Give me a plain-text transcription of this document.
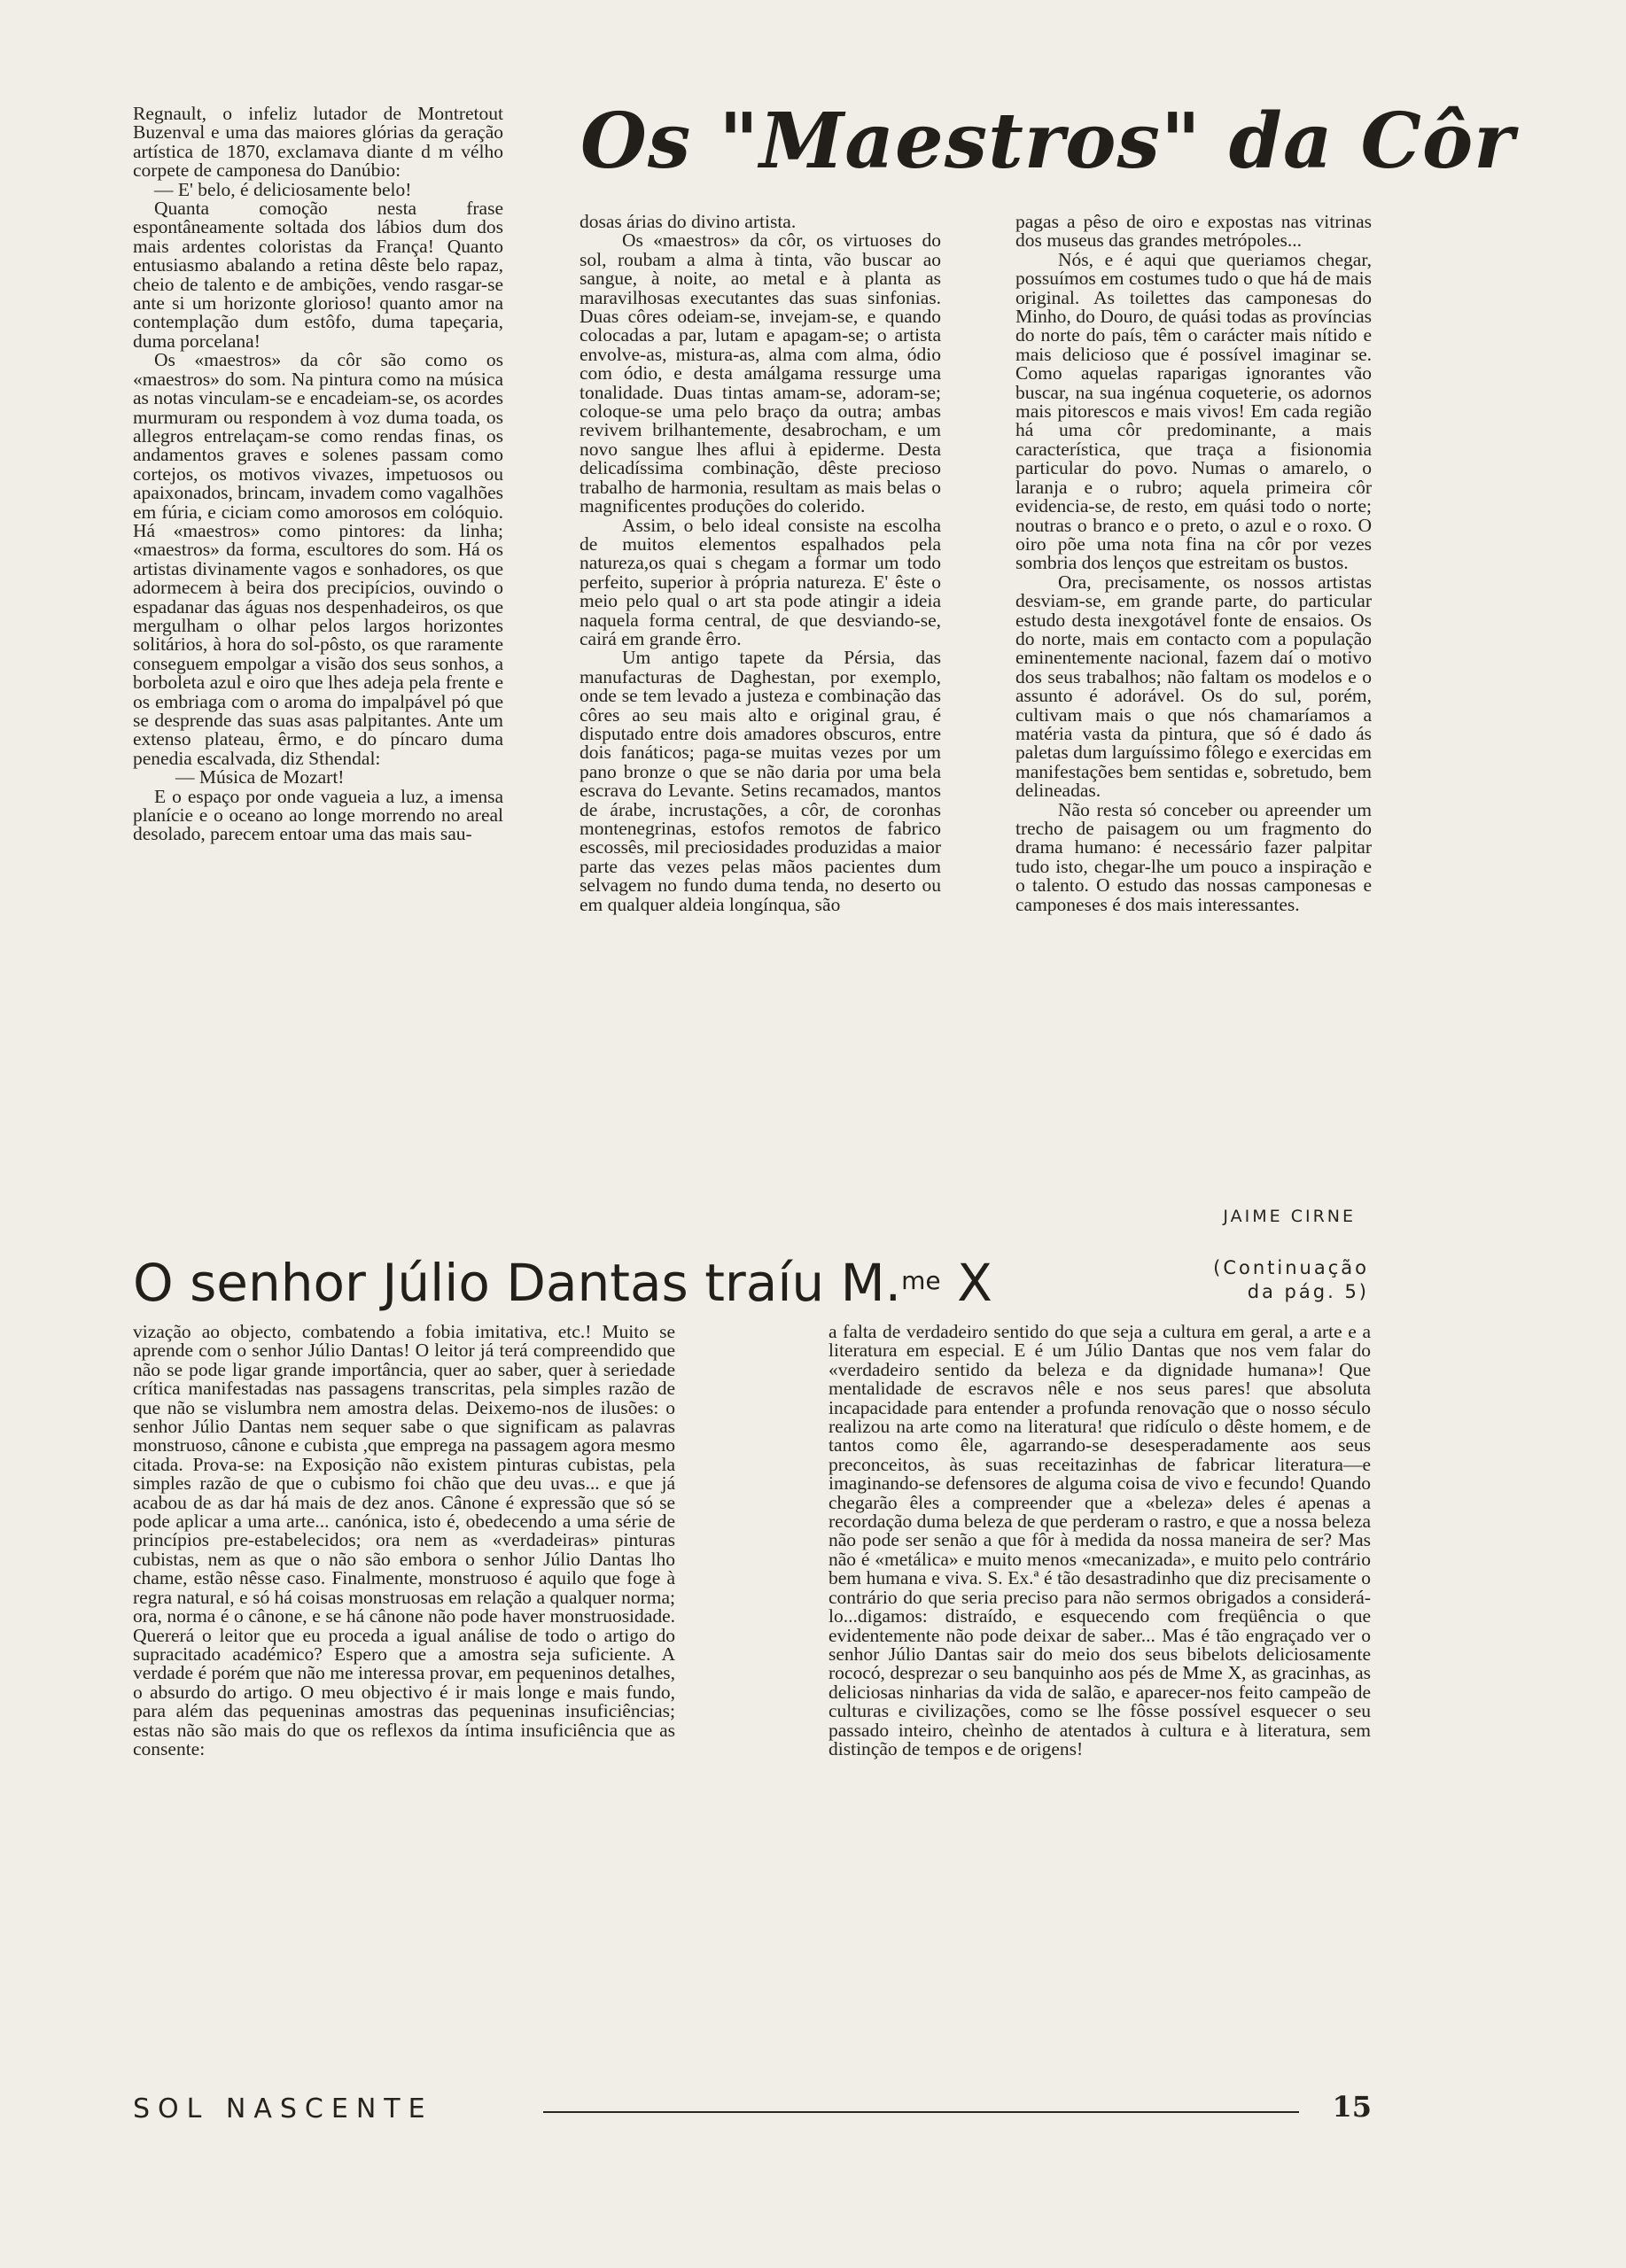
Regnault, o infeliz lutador de Montretout Buzenval e uma das maiores glórias da geração artística de 1870, exclamava diante d m vélho corpete de camponesa do Danúbio:

— E' belo, é deliciosamente belo!

Quanta comoção nesta frase espontâneamente soltada dos lábios dum dos mais ardentes coloristas da França! Quanto entusiasmo abalando a retina dêste belo rapaz, cheio de talento e de ambições, vendo rasgar-se ante si um horizonte glorioso! quanto amor na contemplação dum estôfo, duma tapeçaria, duma porcelana!

Os «maestros» da côr são como os «maestros» do som. Na pintura como na música as notas vinculam-se e encadeiam-se, os acordes murmuram ou respondem à voz duma toada, os allegros entrelaçam-se como rendas finas, os andamentos graves e solenes passam como cortejos, os motivos vivazes, impetuosos ou apaixonados, brincam, invadem como vagalhões em fúria, e ciciam como amorosos em colóquio. Há «maestros» como pintores: da linha; «maestros» da forma, escultores do som. Há os artistas divinamente vagos e sonhadores, os que adormecem à beira dos precipícios, ouvindo o espadanar das águas nos despenhadeiros, os que mergulham o olhar pelos largos horizontes solitários, à hora do sol-pôsto, os que raramente conseguem empolgar a visão dos seus sonhos, a borboleta azul e oiro que lhes adeja pela frente e os embriaga com o aroma do impalpável pó que se desprende das suas asas palpitantes. Ante um extenso plateau, êrmo, e do píncaro duma penedia escalvada, diz Sthendal:

— Música de Mozart!

E o espaço por onde vagueia a luz, a imensa planície e o oceano ao longe morrendo no areal desolado, parecem entoar uma das mais sau-

Os "Maestros" da Côr

dosas árias do divino artista.

Os «maestros» da côr, os virtuoses do sol, roubam a alma à tinta, vão buscar ao sangue, à noite, ao metal e à planta as maravilhosas executantes das suas sinfonias. Duas côres odeiam-se, invejam-se, e quando colocadas a par, lutam e apagam-se; o artista envolve-as, mistura-as, alma com alma, ódio com ódio, e desta amálgama ressurge uma tonalidade. Duas tintas amam-se, adoram-se; coloque-se uma pelo braço da outra; ambas revivem brilhantemente, desabrocham, e um novo sangue lhes aflui à epiderme. Desta delicadíssima combinação, dêste precioso trabalho de harmonia, resultam as mais belas o magnificentes produções do colerido.

Assim, o belo ideal consiste na escolha de muitos elementos espalhados pela natureza,os quai s chegam a formar um todo perfeito, superior à própria natureza. E' êste o meio pelo qual o art sta pode atingir a ideia naquela forma central, de que desviando-se, cairá em grande êrro.

Um antigo tapete da Pérsia, das manufacturas de Daghestan, por exemplo, onde se tem levado a justeza e combinação das côres ao seu mais alto e original grau, é disputado entre dois amadores obscuros, entre dois fanáticos; paga-se muitas vezes por um pano bronze o que se não daria por uma bela escrava do Levante. Setins recamados, mantos de árabe, incrustações, a côr, de coronhas montenegrinas, estofos remotos de fabrico escossês, mil preciosidades produzidas a maior parte das vezes pelas mãos pacientes dum selvagem no fundo duma tenda, no deserto ou em qualquer aldeia longínqua, são

pagas a pêso de oiro e expostas nas vitrinas dos museus das grandes metrópoles...

Nós, e é aqui que queriamos chegar, possuímos em costumes tudo o que há de mais original. As toilettes das camponesas do Minho, do Douro, de quási todas as províncias do norte do país, têm o carácter mais nítido e mais delicioso que é possível imaginar se. Como aquelas raparigas ignorantes vão buscar, na sua ingénua coqueterie, os adornos mais pitorescos e mais vivos! Em cada região há uma côr predominante, a mais característica, que traça a fisionomia particular do povo. Numas o amarelo, o laranja e o rubro; aquela primeira côr evidencia-se, de resto, em quási todo o norte; noutras o branco e o preto, o azul e o roxo. O oiro põe uma nota fina na côr por vezes sombria dos lenços que estreitam os bustos.

Ora, precisamente, os nossos artistas desviam-se, em grande parte, do particular estudo desta inexgotável fonte de ensaios. Os do norte, mais em contacto com a população eminentemente nacional, fazem daí o motivo dos seus trabalhos; não faltam os modelos e o assunto é adorável. Os do sul, porém, cultivam mais o que nós chamaríamos a matéria vasta da pintura, que só é dado ás paletas dum larguíssimo fôlego e exercidas em manifestações bem sentidas e, sobretudo, bem delineadas.

Não resta só conceber ou apreender um trecho de paisagem ou um fragmento do drama humano: é necessário fazer palpitar tudo isto, chegar-lhe um pouco a inspiração e o talento. O estudo das nossas camponesas e camponeses é dos mais interessantes.

JAIME CIRNE
O senhor Júlio Dantas traíu M.$^{me}$ X	(Continuação
da pág. 5)

vização ao objecto, combatendo a fobia imitativa, etc.! Muito se aprende com o senhor Júlio Dantas! O leitor já terá compreendido que não se pode ligar grande importância, quer ao saber, quer à seriedade crítica manifestadas nas passagens transcritas, pela simples razão de que não se vislumbra nem amostra delas. Deixemo-nos de ilusões: o senhor Júlio Dantas nem sequer sabe o que significam as palavras monstruoso, cânone e cubista ,que emprega na passagem agora mesmo citada. Prova-se: na Exposição não existem pinturas cubistas, pela simples razão de que o cubismo foi chão que deu uvas... e que já acabou de as dar há mais de dez anos. Cânone é expressão que só se pode aplicar a uma arte... canónica, isto é, obedecendo a uma série de princípios pre-estabelecidos; ora nem as «verdadeiras» pinturas cubistas, nem as que o não são embora o senhor Júlio Dantas lho chame, estão nêsse caso. Finalmente, monstruoso é aquilo que foge à regra natural, e só há coisas monstruosas em relação a qualquer norma; ora, norma é o cânone, e se há cânone não pode haver monstruosidade. Quererá o leitor que eu proceda a igual análise de todo o artigo do supracitado académico? Espero que a amostra seja suficiente. A verdade é porém que não me interessa provar, em pequeninos detalhes, o absurdo do artigo. O meu objectivo é ir mais longe e mais fundo, para além das pequeninas amostras das pequeninas insuficiências; estas não são mais do que os reflexos da íntima insuficiência que as consente:

a falta de verdadeiro sentido do que seja a cultura em geral, a arte e a literatura em especial. E é um Júlio Dantas que nos vem falar do «verdadeiro sentido da beleza e da dignidade humana»! Que mentalidade de escravos nêle e nos seus pares! que absoluta incapacidade para entender a profunda renovação que o nosso século realizou na arte como na literatura! que ridículo o dêste homem, e de tantos como êle, agarrando-se desesperadamente aos seus preconceitos, às suas receitazinhas de fabricar literatura—e imaginando-se defensores de alguma coisa de vivo e fecundo! Quando chegarão êles a compreender que a «beleza» deles é apenas a recordação duma beleza de que perderam o rastro, e que a nossa beleza não pode ser senão a que fôr à medida da nossa maneira de ser? Mas não é «metálica» e muito menos «mecanizada», e muito pelo contrário bem humana e viva. S. Ex.ª é tão desastradinho que diz precisamente o contrário do que seria preciso para não sermos obrigados a considerá-lo...digamos: distraído, e esquecendo com freqüência o que evidentemente não pode deixar de saber... Mas é tão engraçado ver o senhor Júlio Dantas sair do meio dos seus bibelots deliciosamente rococó, desprezar o seu banquinho aos pés de Mme X, as gracinhas, as deliciosas ninharias da vida de salão, e aparecer-nos feito campeão de culturas e civilizações, como se lhe fôsse possível esquecer o seu passado inteiro, cheìnho de atentados à cultura e à literatura, sem distinção de tempos e de origens!

SOL NASCENTE	15
